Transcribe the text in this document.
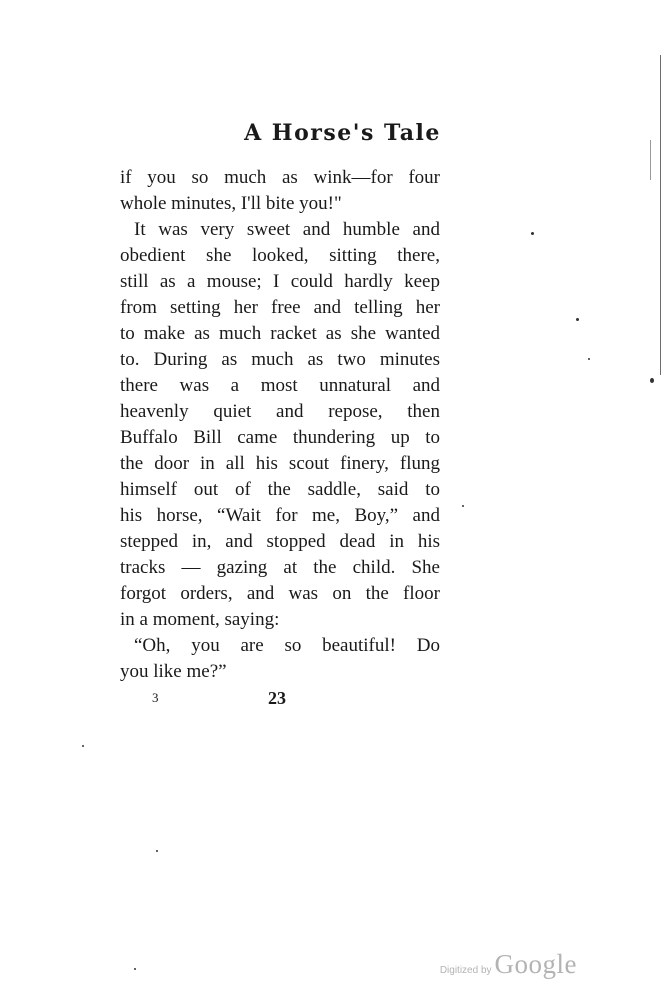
A Horse's Tale
if you so much as wink—for four
whole minutes, I'll bite you!"
It was very sweet and humble and
obedient she looked, sitting there,
still as a mouse; I could hardly keep
from setting her free and telling her
to make as much racket as she wanted
to. During as much as two minutes
there was a most unnatural and
heavenly quiet and repose, then
Buffalo Bill came thundering up to
the door in all his scout finery, flung
himself out of the saddle, said to
his horse, “Wait for me, Boy,” and
stepped in, and stopped dead in his
tracks — gazing at the child. She
forgot orders, and was on the floor
in a moment, saying:
“Oh, you are so beautiful! Do
you like me?”
3	23
Digitized by Google
